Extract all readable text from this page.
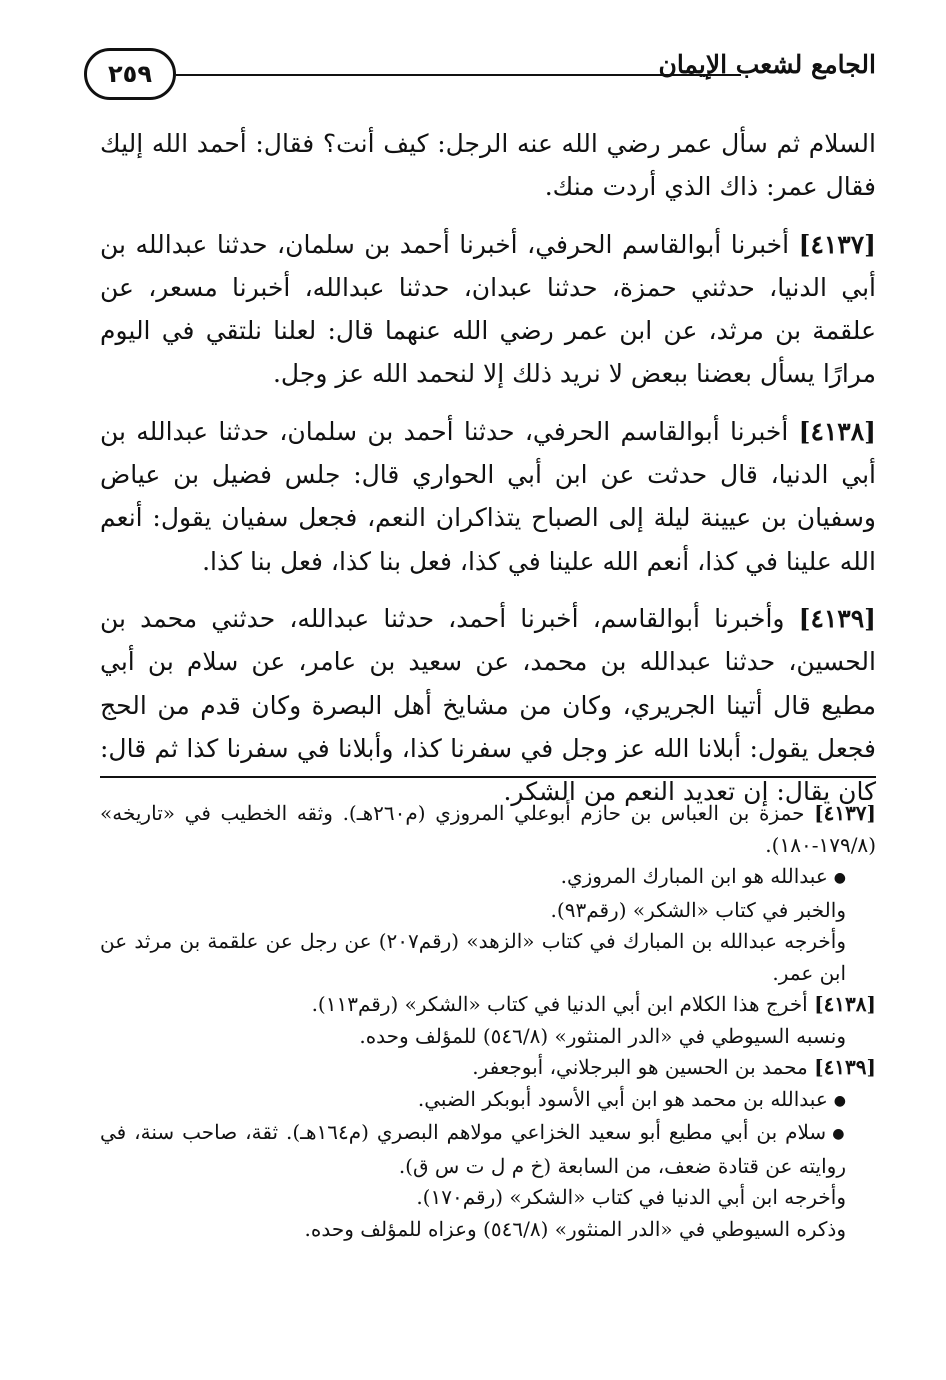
٢٥٩	الجامع لشعب الإيمان

السلام ثم سأل عمر رضي الله عنه الرجل: كيف أنت؟ فقال: أحمد الله إليك فقال عمر: ذاك الذي أردت منك.

[٤١٣٧] أخبرنا أبوالقاسم الحرفي، أخبرنا أحمد بن سلمان، حدثنا عبدالله بن أبي الدنيا، حدثني حمزة، حدثنا عبدان، حدثنا عبدالله، أخبرنا مسعر، عن علقمة بن مرثد، عن ابن عمر رضي الله عنهما قال: لعلنا نلتقي في اليوم مرارًا يسأل بعضنا ببعض لا نريد ذلك إلا لنحمد الله عز وجل.

[٤١٣٨] أخبرنا أبوالقاسم الحرفي، حدثنا أحمد بن سلمان، حدثنا عبدالله بن أبي الدنيا، قال حدثت عن ابن أبي الحواري قال: جلس فضيل بن عياض وسفيان بن عيينة ليلة إلى الصباح يتذاكران النعم، فجعل سفيان يقول: أنعم الله علينا في كذا، أنعم الله علينا في كذا، فعل بنا كذا، فعل بنا كذا.

[٤١٣٩] وأخبرنا أبوالقاسم، أخبرنا أحمد، حدثنا عبدالله، حدثني محمد بن الحسين، حدثنا عبدالله بن محمد، عن سعيد بن عامر، عن سلام بن أبي مطيع قال أتينا الجريري، وكان من مشايخ أهل البصرة وكان قدم من الحج فجعل يقول: أبلانا الله عز وجل في سفرنا كذا، وأبلانا في سفرنا كذا ثم قال: كان يقال: إن تعديد النعم من الشكر.

[٤١٣٧] حمزة بن العباس بن حازم أبوعلي المروزي (م٢٦٠هـ). وثقه الخطيب في «تاريخه» (١٧٩/٨-١٨٠).

● عبدالله هو ابن المبارك المروزي.

والخبر في كتاب «الشكر» (رقم٩٣).

وأخرجه عبدالله بن المبارك في كتاب «الزهد» (رقم٢٠٧) عن رجل عن علقمة بن مرثد عن ابن عمر.

[٤١٣٨] أخرج هذا الكلام ابن أبي الدنيا في كتاب «الشكر» (رقم١١٣).

ونسبه السيوطي في «الدر المنثور» (٥٤٦/٨) للمؤلف وحده.

[٤١٣٩] محمد بن الحسين هو البرجلاني، أبوجعفر.

● عبدالله بن محمد هو ابن أبي الأسود أبوبكر الضبي.

● سلام بن أبي مطيع أبو سعيد الخزاعي مولاهم البصري (م١٦٤هـ). ثقة، صاحب سنة، في روايته عن قتادة ضعف، من السابعة (خ م ل ت س ق).

وأخرجه ابن أبي الدنيا في كتاب «الشكر» (رقم١٧٠).

وذكره السيوطي في «الدر المنثور» (٥٤٦/٨) وعزاه للمؤلف وحده.
